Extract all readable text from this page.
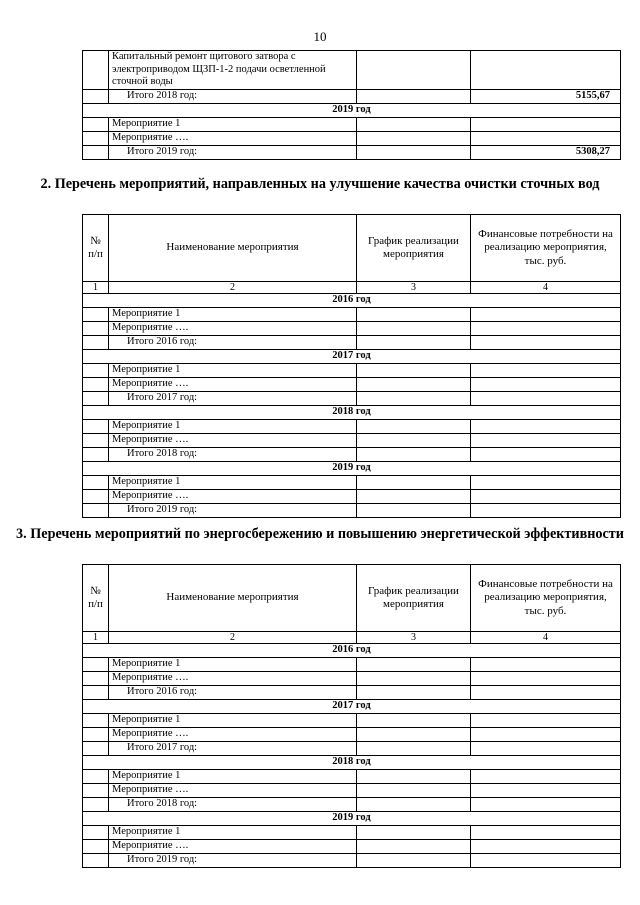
10
	Капитальный ремонт щитового затвора с электроприводом ЩЗП-1-2 подачи осветленной сточной воды		
	Итого 2018 год:		5155,67
2019 год			
	Мероприятие 1		
	Мероприятие ….		
	Итого 2019 год:		5308,27
2. Перечень мероприятий, направленных на улучшение качества очистки сточных вод
№ п/п	Наименование мероприятия	График реализации мероприятия	Финансовые потребности на реализацию мероприятия, тыс. руб.
1	2	3	4
2016 год			
	Мероприятие 1		
	Мероприятие ….		
	Итого 2016 год:		
2017 год			
	Мероприятие 1		
	Мероприятие ….		
	Итого 2017 год:		
2018 год			
	Мероприятие 1		
	Мероприятие ….		
	Итого 2018 год:		
2019 год			
	Мероприятие 1		
	Мероприятие ….		
	Итого 2019 год:		
3. Перечень мероприятий по энергосбережению и повышению энергетической эффективности
№ п/п	Наименование мероприятия	График реализации мероприятия	Финансовые потребности на реализацию мероприятия, тыс. руб.
1	2	3	4
2016 год			
	Мероприятие 1		
	Мероприятие ….		
	Итого 2016 год:		
2017 год			
	Мероприятие 1		
	Мероприятие ….		
	Итого 2017 год:		
2018 год			
	Мероприятие 1		
	Мероприятие ….		
	Итого 2018 год:		
2019 год			
	Мероприятие 1		
	Мероприятие ….		
	Итого 2019 год:		
